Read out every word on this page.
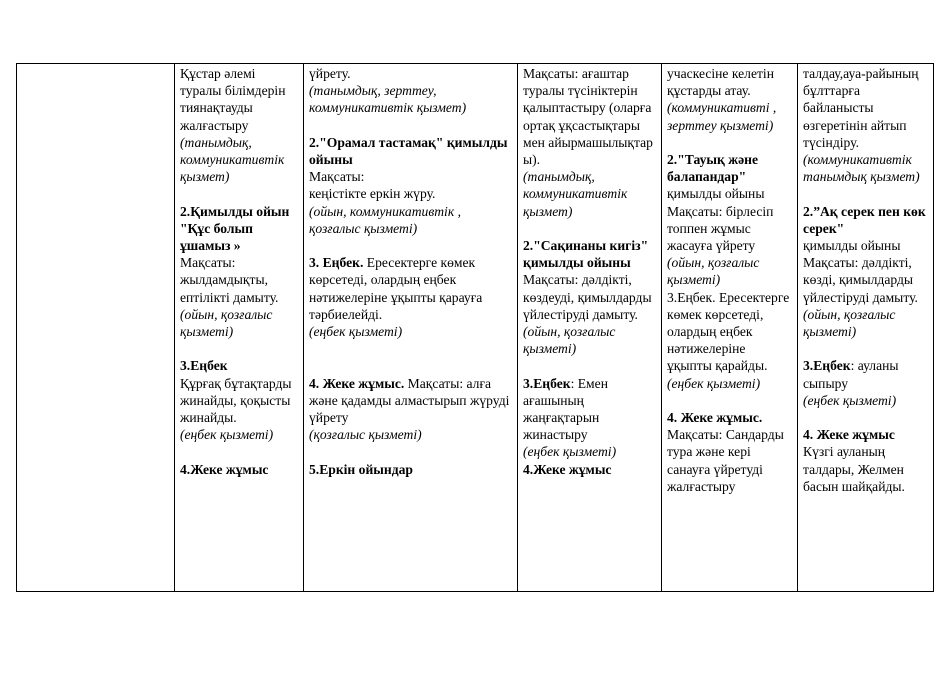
Құстар әлемі туралы білімдерін тиянақтауды жалғастыру
(танымдық, коммуникативтік қызмет)
2.Қимылды ойын "Құс болып ұшамыз »
Мақсаты: жылдамдықты, ептілікті дамыту.
(ойын, қозғалыс қызметі)
3.Еңбек
Құрғақ бұтақтарды жинайды, қоқысты жинайды.
(еңбек қызметі)
4.Жеке жұмыс
үйрету.
(танымдық, зерттеу, коммуникативтік қызмет)
2."Орамал тастамақ" қимылды ойыны
Мақсаты:
кеңістікте еркін жүру.
(ойын, коммуникативтік , қозғалыс қызметі)
3. Еңбек. Ересектерге көмек көрсетеді, олардың еңбек нәтижелеріне ұқыпты қарауға тәрбиелейді.
(еңбек қызметі)
4. Жеке жұмыс. Мақсаты: алға және қадамды алмастырып жүруді үйрету
(қозғалыс қызметі)
5.Еркін ойындар
Мақсаты: ағаштар туралы түсініктерін қалыптастыру (оларға ортақ ұқсастықтары мен айырмашылықтар ы).
(танымдық, коммуникативтік қызмет)
2."Сақинаны кигіз" қимылды ойыны
Мақсаты: дәлдікті, көздеуді, қимылдарды үйлестіруді дамыту.
(ойын, қозғалыс қызметі)
3.Еңбек: Емен ағашының жаңғақтарын жинастыру
(еңбек қызметі)
4.Жеке жұмыс
учаскесіне келетін құстарды атау.
(коммуникативті , зерттеу қызметі)
2."Тауық және балапандар"
қимылды ойыны Мақсаты: бірлесіп топпен жұмыс жасауға үйрету
(ойын, қозғалыс қызметі)
3.Еңбек. Ересектерге көмек көрсетеді, олардың еңбек нәтижелеріне ұқыпты қарайды.
(еңбек қызметі)
4. Жеке жұмыс.
Мақсаты: Сандарды тура және кері санауға үйретуді жалғастыру
талдау,ауа-райының бұлттарға байланысты өзгеретінін айтып түсіндіру.
(коммуникативтік танымдық қызмет)
2.”Ақ серек пен көк серек"
қимылды ойыны Мақсаты: дәлдікті, көзді, қимылдарды үйлестіруді дамыту.
(ойын, қозғалыс қызметі)
3.Еңбек: ауланы сыпыру
(еңбек қызметі)
4. Жеке жұмыс
Күзгі ауланың талдары, Желмен басын шайқайды.
